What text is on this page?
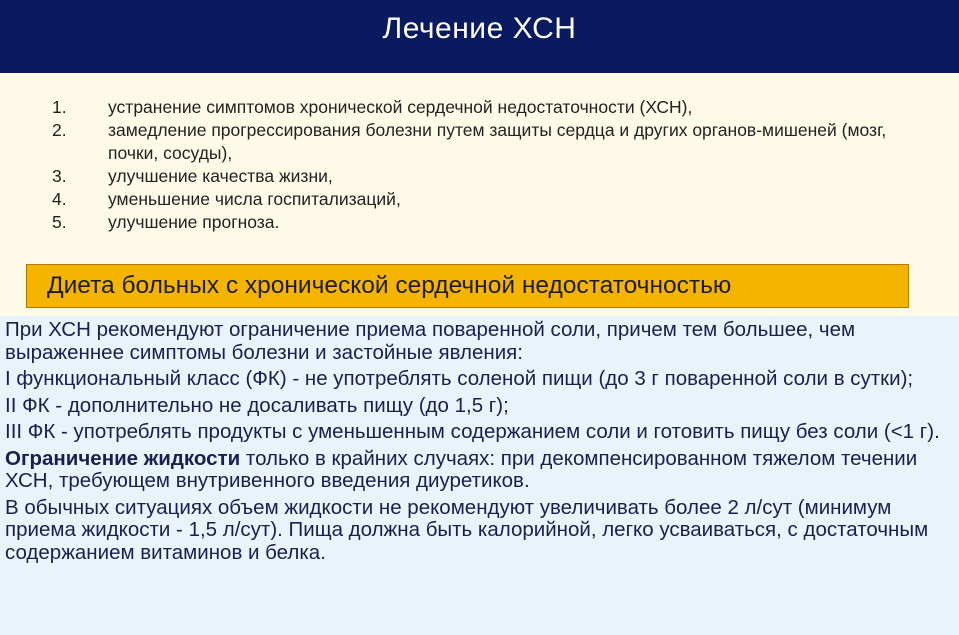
Лечение ХСН
1.	устранение симптомов хронической сердечной недостаточности (ХСН),
2.	замедление прогрессирования болезни путем защиты сердца и других органов-мишеней (мозг, почки, сосуды),
3.	улучшение качества жизни,
4.	уменьшение числа госпитализаций,
5.	улучшение прогноза.
Диета больных с хронической сердечной недостаточностью

При ХСН рекомендуют ограничение приема поваренной соли, причем тем большее, чем выраженнее симптомы болезни и застойные явления:

I функциональный класс (ФК) - не употреблять соленой пищи (до 3 г поваренной соли в сутки);

II ФК - дополнительно не досаливать пищу (до 1,5 г);

III ФК - употреблять продукты с уменьшенным содержанием соли и готовить пищу без соли (<1 г).

Ограничение жидкости только в крайних случаях: при декомпенсированном тяжелом течении ХСН, требующем внутривенного введения диуретиков.

В обычных ситуациях объем жидкости не рекомендуют увеличивать более 2 л/сут (минимум приема жидкости - 1,5 л/сут). Пища должна быть калорийной, легко усваиваться, с достаточным содержанием витаминов и белка.
